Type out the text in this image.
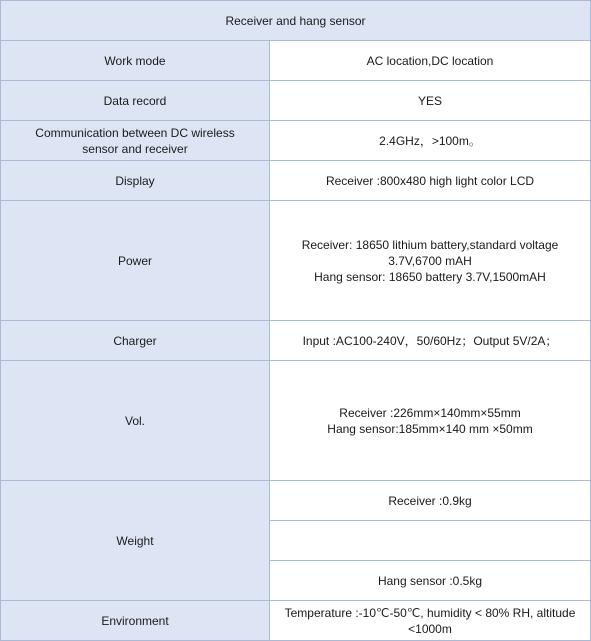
Receiver and hang sensor	
Work mode	AC location,DC location
Data record	YES

Communication between DC wireless
sensor and receiver	2.4GHz，>100m。
Display	Receiver :800x480 high light color LCD
Power	Receiver: 18650 lithium battery,standard voltage
3.7V,6700 mAH
Hang sensor: 18650 battery 3.7V,1500mAH

Charger	Input :AC100-240V，50/60Hz；Output 5V/2A；
Vol.	Receiver :226mm×140mm×55mm
Hang sensor:185mm×140 mm ×50mm

Weight	Receiver :0.9kg

	Hang sensor :0.5kg
Environment	Temperature :-10℃-50℃, humidity < 80% RH, altitude
<1000m
